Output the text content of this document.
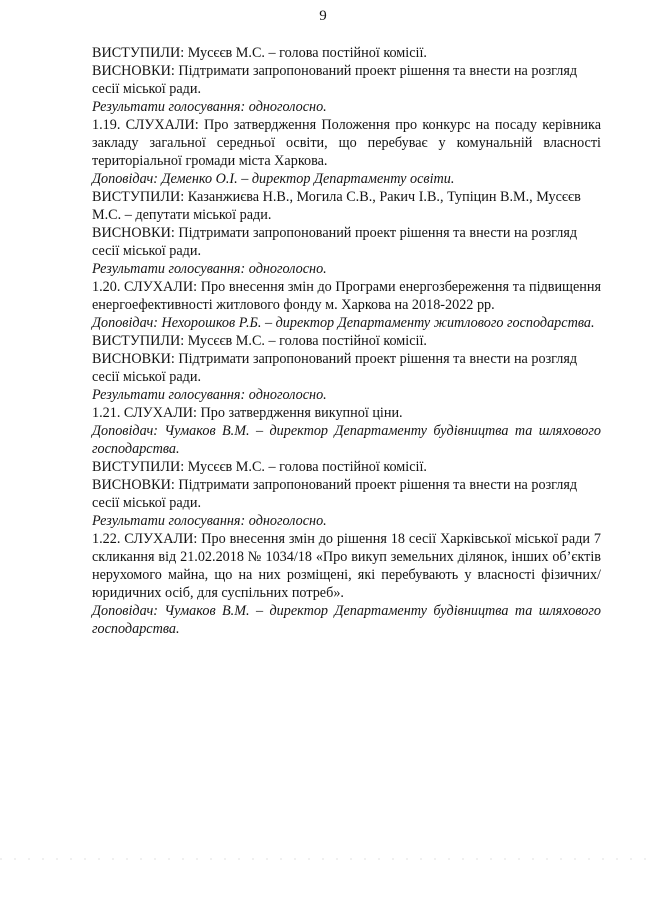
9

ВИСТУПИЛИ: Мусєєв М.С. – голова постійної комісії.

ВИСНОВКИ: Підтримати запропонований проект рішення та внести на розгляд сесії міської ради.

Результати голосування: одноголосно.

1.19. СЛУХАЛИ: Про затвердження Положення про конкурс на посаду керівника закладу загальної середньої освіти, що перебуває у комунальній власності територіальної громади міста Харкова.

Доповідач: Деменко О.І. – директор Департаменту освіти.

ВИСТУПИЛИ: Казанжиєва Н.В., Могила С.В., Ракич І.В., Тупіцин В.М., Мусєєв М.С. – депутати міської ради.

ВИСНОВКИ: Підтримати запропонований проект рішення та внести на розгляд сесії міської ради.

Результати голосування: одноголосно.

1.20. СЛУХАЛИ: Про внесення змін до Програми енергозбереження та підвищення енергоефективності житлового фонду м. Харкова на 2018-2022 рр.

Доповідач: Нехорошков Р.Б. – директор Департаменту житлового господарства.

ВИСТУПИЛИ: Мусєєв М.С. – голова постійної комісії.

ВИСНОВКИ: Підтримати запропонований проект рішення та внести на розгляд сесії міської ради.

Результати голосування: одноголосно.

1.21. СЛУХАЛИ: Про затвердження викупної ціни.

Доповідач: Чумаков В.М. – директор Департаменту будівництва та шляхового господарства.

ВИСТУПИЛИ: Мусєєв М.С. – голова постійної комісії.

ВИСНОВКИ: Підтримати запропонований проект рішення та внести на розгляд сесії міської ради.

Результати голосування: одноголосно.

1.22. СЛУХАЛИ: Про внесення змін до рішення 18 сесії Харківської міської ради 7 скликання від 21.02.2018 № 1034/18 «Про викуп земельних ділянок, інших об’єктів нерухомого майна, що на них розміщені, які перебувають у власності фізичних/юридичних осіб, для суспільних потреб».

Доповідач: Чумаков В.М. – директор Департаменту будівництва та шляхового господарства.
